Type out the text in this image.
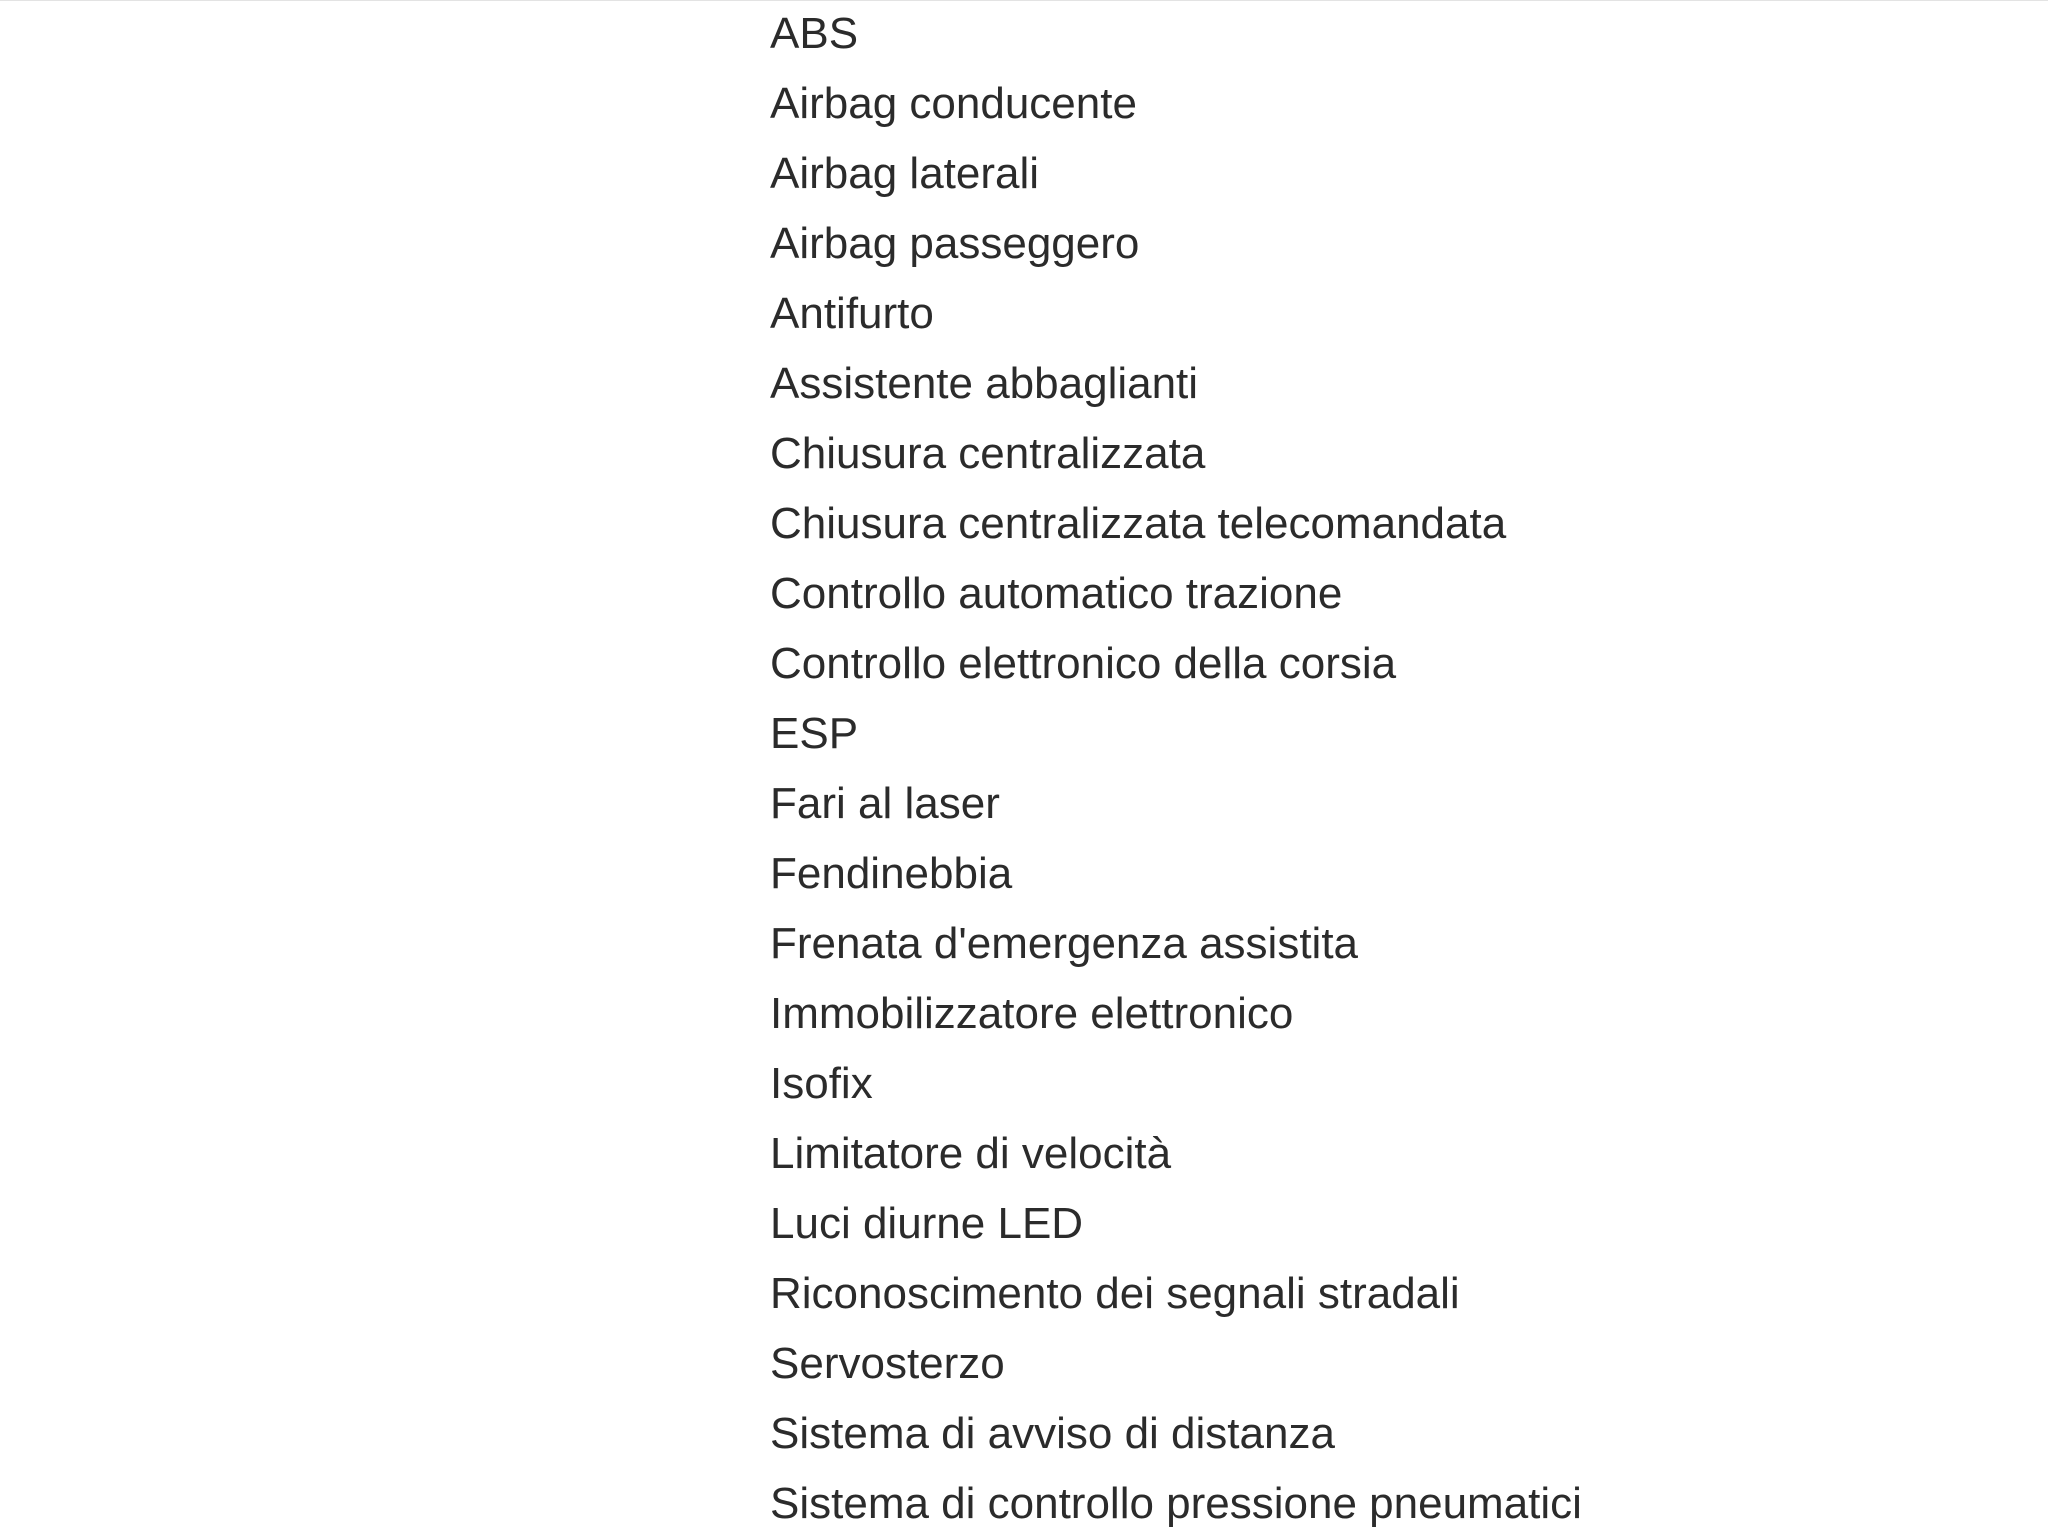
ABS
Airbag conducente
Airbag laterali
Airbag passeggero
Antifurto
Assistente abbaglianti
Chiusura centralizzata
Chiusura centralizzata telecomandata
Controllo automatico trazione
Controllo elettronico della corsia
ESP
Fari al laser
Fendinebbia
Frenata d'emergenza assistita
Immobilizzatore elettronico
Isofix
Limitatore di velocità
Luci diurne LED
Riconoscimento dei segnali stradali
Servosterzo
Sistema di avviso di distanza
Sistema di controllo pressione pneumatici
